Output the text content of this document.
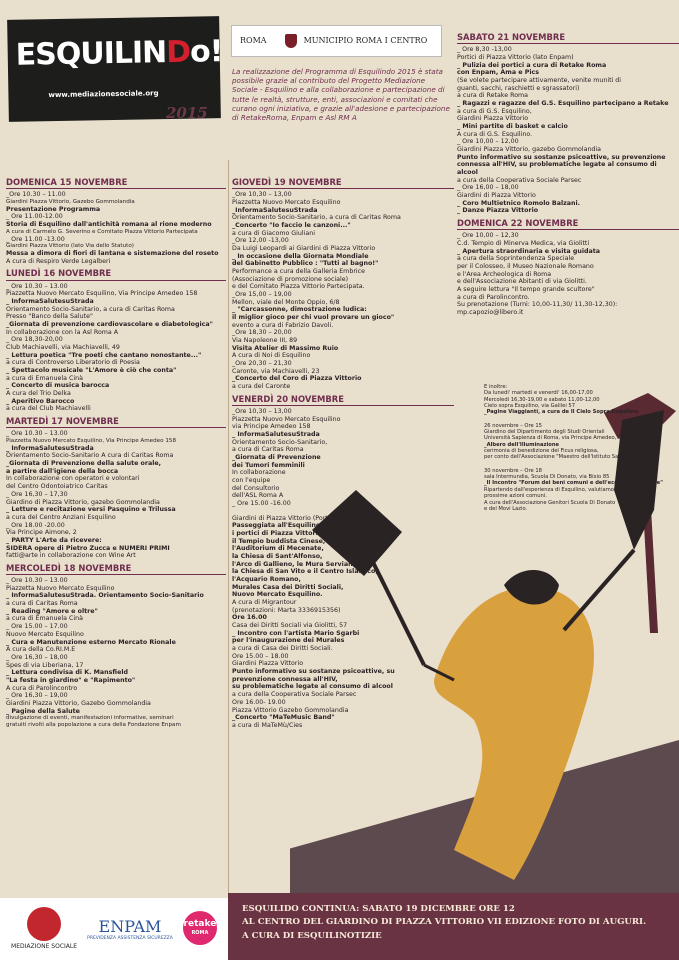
ESQUILINDo!
www.mediazionesociale.org
2015
ROMA	MUNICIPIO ROMA I CENTRO
La realizzazione del Programma di Esquilindo 2015 è stata possibile grazie al contributo del Progetto Mediazione Sociale - Esquilino e alla collaborazione e partecipazione di tutte le realtà, strutture, enti, associazioni e comitati che curano ogni iniziativa, e grazie all'adesione e partecipazione di RetakeRoma, Enpam e Asl RM A
DOMENICA 15 NOVEMBRE
_Ore 10.30 – 11.00
Giardini Piazza Vittorio, Gazebo Gommolandia
Presentazione Programma
_ Ore 11.00-12.00
Storia di Esquilino dall'antichità romana al rione moderno
A cura di Carmelo G. Severino e Comitato Piazza Vittorio Partecipata
_ Ore 11.00 -13.00
Giardini Piazza Vittorio (lato Via dello Statuto)
Messa a dimora di fiori di lantana e sistemazione del roseto
A cura di Respiro Verde Legalberi
LUNEDÌ 16 NOVEMBRE
_ Ore 10.30 – 13.00
Piazzetta Nuovo Mercato Esquilino, Via Principe Amedeo 158
_ InformaSalutesuStrada
Orientamento Socio-Sanitario, a cura di Caritas Roma
Presso "Banco della Salute"
_Giornata di prevenzione cardiovascolare e diabetologica"
In collaborazione con la Asl Roma A
_ Ore 18,30-20,00
Club Machiavelli, via Machiavelli, 49
_ Lettura poetica "Tre poeti che cantano nonostante..."
a cura di Controverso Liberatorio di Poesia
_ Spettacolo musicale "L'Amore è ciò che conta"
a cura di Emanuela Cinà
_ Concerto di musica barocca
A cura del Trio Delka
_ Aperitivo Barocco
a cura del Club Machiavelli
MARTEDÌ 17 NOVEMBRE
_ Ore 10.30 – 13.00
Piazzetta Nuovo Mercato Esquilino, Via Principe Amedeo 158
_ InformaSalutesuStrada
Orientamento Socio-Sanitario A cura di Caritas Roma
_Giornata di Prevenzione della salute orale,
a partire dall'igiene della bocca
In collaborazione con operatori e volontari
del Centro Odontoiatrico Caritas
_ Ore 16,30 – 17,30
Giardino di Piazza Vittorio, gazebo Gommolandia
_ Letture e recitazione versi Pasquino e Trilussa
a cura del Centro Anziani Esquilino
_ Ore 18.00 -20.00
Via Principe Aimone, 2
_ PARTY L'Arte da ricevere:
SIDERA opere di Pietro Zucca e NUMERI PRIMI
fatti@arte in collaborazione con Wine Art
MERCOLEDÌ 18 NOVEMBRE
_ Ore 10.30 – 13.00
Piazzetta Nuovo Mercato Esquilino
_ InformaSalutesuStrada. Orientamento Socio-Sanitario
a cura di Caritas Roma
_ Reading "Amore e oltre"
a cura di Emanuela Cinà
_ Ore 15.00 – 17.00
Nuovo Mercato Esquilino
_ Cura e Manutenzione esterno Mercato Rionale
A cura della Co.RI.M.E
_ Ore 16,30 – 18,00
Spes di via Liberiana, 17
_ Lettura condivisa di K. Mansfield
"La festa in giardino" e "Rapimento"
A cura di Parolincontro
_ Ore 16,30 – 19,00
Giardini Piazza Vittorio, Gazebo Gommolandia
_ Pagine della Salute
divulgazione di eventi, manifestazioni informative, seminari
gratuiti rivolti alla popolazione a cura della Fondazione Enpam
GIOVEDÌ 19 NOVEMBRE
_Ore 10,30 – 13,00
Piazzetta Nuovo Mercato Esquilino
_InformaSalutesuStrada
Orientamento Socio-Sanitario, a cura di Caritas Roma
_Concerto "Io faccio le canzoni..."
a cura di Giacomo Giuliani
_Ore 12,00 -13,00
Da Luigi Leopardi ai Giardini di Piazza Vittorio
_ In occasione della Giornata Mondiale
del Gabinetto Pubblico : "Tutti al bagno!"
Performance a cura della Galleria Embrice
(Associazione di promozione sociale)
e del Comitato Piazza Vittorio Partecipata.
_Ore 15,00 – 19,00
Mellon, viale del Monte Oppio, 6/8
_ "Carcassonne, dimostrazione ludica:
il miglior gioco per chi vuol provare un gioco"
evento a cura di Fabrizio Davoli.
_Ore 18,30 – 20,00
Via Napoleone III, 89
Visita Atelier di Massimo Ruio
A cura di Noi di Esquilino
_Ore 20,30 – 21,30
Caronte, via Machiavelli, 23
_Concerto del Coro di Piazza Vittorio
a cura del Caronte
VENERDÌ 20 NOVEMBRE
_Ore 10,30 – 13,00
Piazzetta Nuovo Mercato Esquilino
via Principe Amedeo 158
_ InformaSalutesuStrada
Orientamento Socio-Sanitario,
a cura di Caritas Roma
_Giornata di Prevenzione
dei Tumori femminili
In collaborazione
con l'equipe
del Consultorio
dell'ASL Roma A
_ Ore 15.00 -16.00
Giardini di Piazza Vittorio (Porta Magica)
Passeggiata all'Esquilino:
i portici di Piazza Vittorio,
il Tempio buddista Cinese,
l'Auditorium di Mecenate,
la Chiesa di Sant'Alfonso,
l'Arco di Gallieno, le Mura Serviane,
la Chiesa di San Vito e il Centro Islamico,
l'Acquario Romano,
Murales Casa dei Diritti Sociali,
Nuovo Mercato Esquilino.
A cura di Migrantour
(prenotazioni: Marta 3336915356)
Ore 16.00
Casa dei Diritti Sociali via Giolitti, 57
_ Incontro con l'artista Mario Sgarbi
per l'inaugurazione dei Murales
a cura di Casa dei Diritti Sociali.
Ore 15.00 – 18.00
Giardini Piazza Vittorio
Punto informativo su sostanze psicoattive, su
prevenzione connessa all'HIV,
su problematiche legate al consumo di alcool
a cura della Cooperativa Sociale Parsec
Ore 16.00- 19.00
Piazza Vittorio Gazebo Gommolandia
_Concerto "MaTeMusic Band"
a cura di MaTeMù/Cies
SABATO 21 NOVEMBRE
_ Ore 8,30 -13,00
Portici di Piazza Vittorio (lato Enpam)
_ Pulizia dei portici a cura di Retake Roma
con Enpam, Ama e Pics
(Se volete partecipare attivamente, venite muniti di
guanti, sacchi, raschietti e sgrassatori)
a cura di Retake Roma
_ Ragazzi e ragazze del G.S. Esquilino partecipano a Retake
a cura di G.S. Esquilino,
Giardini Piazza Vittorio
_ Mini partite di basket e calcio
A cura di G.S. Esquilino.
_ Ore 10,00 – 12,00
Giardini Piazza Vittorio, gazebo Gommolandia
Punto informativo su sostanze psicoattive, su prevenzione
connessa all'HIV, su problematiche legate al consumo di alcool
a cura della Cooperativa Sociale Parsec
_ Ore 16,00 – 18,00
Giardini di Piazza Vittorio
_ Coro Multietnico Romolo Balzani.
_ Danze Piazza Vittorio
DOMENICA 22 NOVEMBRE
_ Ore 10,00 – 12,30
C.d. Tempio di Minerva Medica, via Giolitti
_ Apertura straordinaria e visita guidata
a cura della Soprintendenza Speciale
per il Colosseo, il Museo Nazionale Romano
e l'Area Archeologica di Roma
e dell'Associazione Abitanti di via Giolitti.
A seguire lettura "Il tempo grande scultore"
a cura di Parolincontro.
Su prenotazione (Turni: 10,00-11,30/ 11,30-12,30):
mp.capozio@libero.it
E inoltre:
Da lunedi' martedi e venerdi' 16,00-17,00
Mercoledi 16,30-19,00 e sabato 11,00-12,00
Cielo sopra Esquilino, via Galilei 57
_Pagine Viaggianti, a cura de Il Cielo Sopra Esquilino
26 novembre – Ore 15
Giardino del Dipartimento degli Studi Orientali
Università Sapienza di Roma, via Principe Amedeo, 184
_Albero dell'Illuminazione
cerimonia di benedizione del Ficus religiosa,
per conto dell'Associazione "Maestro dell'Istituto Samantabhadra"
30 novembre – Ore 18
sala Intermundia, Scuola Di Donato, via Bixio 85
_Il Incontro "Forum dei beni comuni e dell'economia solidale"
Ripartendo dall'esperienza di Esquilino, valutiamo insieme
prossime azioni comuni.
A cura dell'Associazione Genitori Scuola Di Donato
e del Movi Lazio.
MEDIAZIONE SOCIALE
ENPAM
PREVIDENZA ASSISTENZA SICUREZZA
retake
ROMA
ESQUILIDO CONTINUA: SABATO 19 DICEMBRE ORE 12
AL CENTRO DEL GIARDINO DI PIAZZA VITTORIO VII EDIZIONE FOTO DI AUGURI.
A CURA DI ESQUILINOTIZIE
